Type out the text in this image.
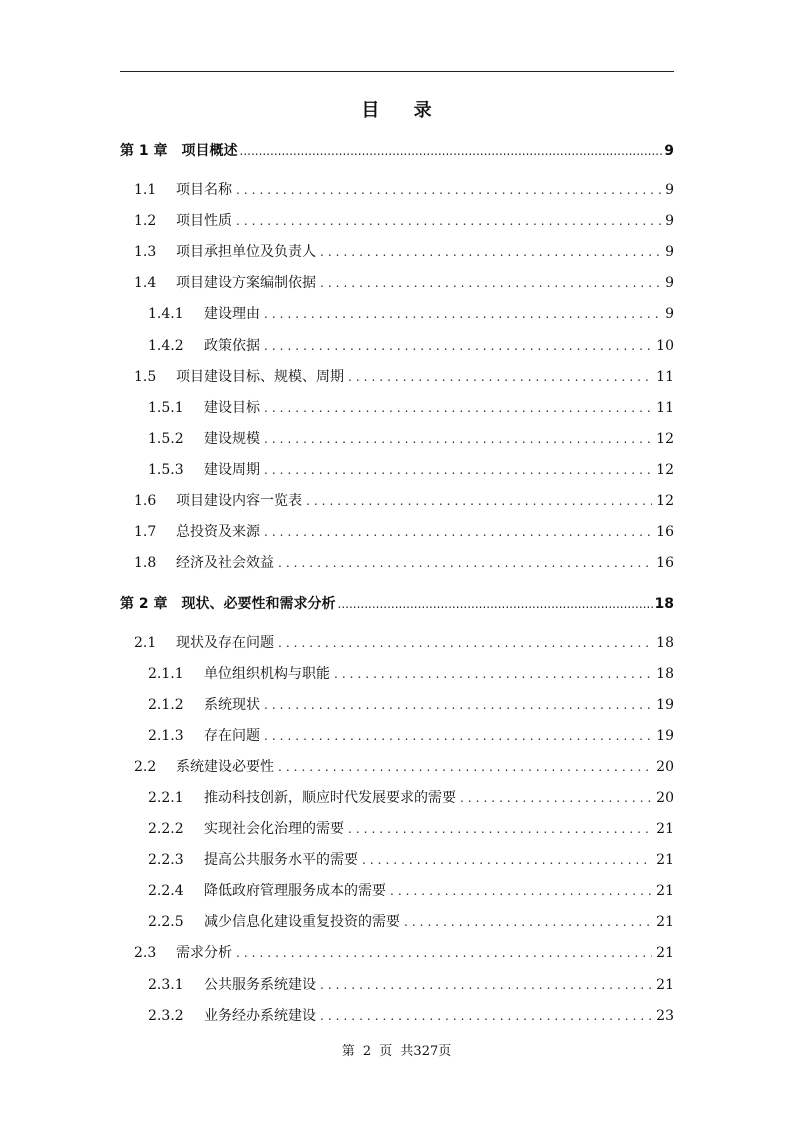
目 录
第 1 章 项目概述 .....	9
1.1	项目名称 .....	9
1.2	项目性质 .....	9
1.3	项目承担单位及负责人 .....	9
1.4	项目建设方案编制依据 .....	9
1.4.1	建设理由 .....	9
1.4.2	政策依据 .....	10
1.5	项目建设目标、规模、周期 .....	11
1.5.1	建设目标 .....	11
1.5.2	建设规模 .....	12
1.5.3	建设周期 .....	12
1.6	项目建设内容一览表 .....	12
1.7	总投资及来源 .....	16
1.8	经济及社会效益 .....	16
第 2 章 现状、必要性和需求分析 .....	18
2.1	现状及存在问题 .....	18
2.1.1	单位组织机构与职能 .....	18
2.1.2	系统现状 .....	19
2.1.3	存在问题 .....	19
2.2	系统建设必要性 .....	20
2.2.1	推动科技创新，顺应时代发展要求的需要 .....	20
2.2.2	实现社会化治理的需要 .....	21
2.2.3	提高公共服务水平的需要 .....	21
2.2.4	降低政府管理服务成本的需要 .....	21
2.2.5	减少信息化建设重复投资的需要 .....	21
2.3	需求分析 .....	21
2.3.1	公共服务系统建设 .....	21
2.3.2	业务经办系统建设 .....	23
第 2 页 共327页
